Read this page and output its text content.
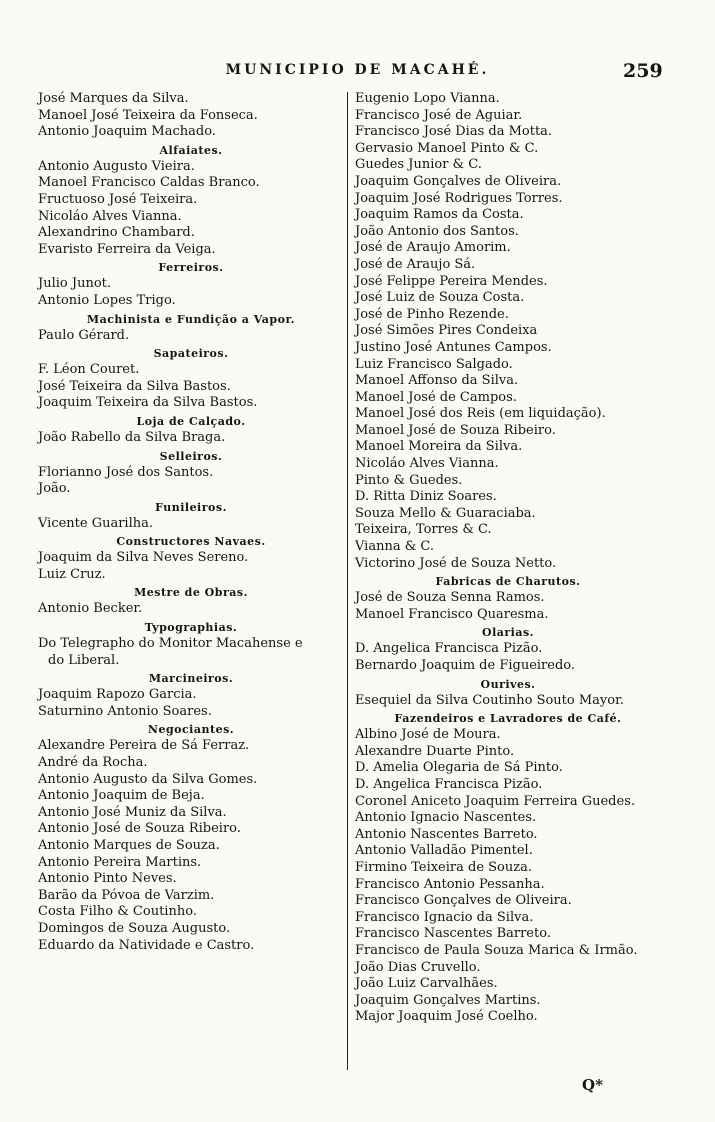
MUNICIPIO DE MACAHÉ.	259
José Marques da Silva.
Manoel José Teixeira da Fonseca.
Antonio Joaquim Machado.
Alfaiates.
Antonio Augusto Vieira.
Manoel Francisco Caldas Branco.
Fructuoso José Teixeira.
Nicoláo Alves Vianna.
Alexandrino Chambard.
Evaristo Ferreira da Veiga.
Ferreiros.
Julio Junot.
Antonio Lopes Trigo.
Machinista e Fundição a Vapor.
Paulo Gérard.
Sapateiros.
F. Léon Couret.
José Teixeira da Silva Bastos.
Joaquim Teixeira da Silva Bastos.
Loja de Calçado.
João Rabello da Silva Braga.
Selleiros.
Florianno José dos Santos.
João.
Funileiros.
Vicente Guarilha.
Constructores Navaes.
Joaquim da Silva Neves Sereno.
Luiz Cruz.
Mestre de Obras.
Antonio Becker.
Typographias.
Do Telegrapho do Monitor Macahense e
do Liberal.
Marcineiros.
Joaquim Rapozo Garcia.
Saturnino Antonio Soares.
Negociantes.
Alexandre Pereira de Sá Ferraz.
André da Rocha.
Antonio Augusto da Silva Gomes.
Antonio Joaquim de Beja.
Antonio José Muniz da Silva.
Antonio José de Souza Ribeiro.
Antonio Marques de Souza.
Antonio Pereira Martins.
Antonio Pinto Neves.
Barão da Póvoa de Varzim.
Costa Filho & Coutinho.
Domingos de Souza Augusto.
Eduardo da Natividade e Castro.
Eugenio Lopo Vianna.
Francisco José de Aguiar.
Francisco José Dias da Motta.
Gervasio Manoel Pinto & C.
Guedes Junior & C.
Joaquim Gonçalves de Oliveira.
Joaquim José Rodrigues Torres.
Joaquim Ramos da Costa.
João Antonio dos Santos.
José de Araujo Amorim.
José de Araujo Sá.
José Felippe Pereira Mendes.
José Luiz de Souza Costa.
José de Pinho Rezende.
José Simões Pires Condeixa
Justino José Antunes Campos.
Luiz Francisco Salgado.
Manoel Affonso da Silva.
Manoel José de Campos.
Manoel José dos Reis (em liquidação).
Manoel José de Souza Ribeiro.
Manoel Moreira da Silva.
Nicoláo Alves Vianna.
Pinto & Guedes.
D. Ritta Diniz Soares.
Souza Mello & Guaraciaba.
Teixeira, Torres & C.
Vianna & C.
Victorino José de Souza Netto.
Fabricas de Charutos.
José de Souza Senna Ramos.
Manoel Francisco Quaresma.
Olarias.
D. Angelica Francisca Pizão.
Bernardo Joaquim de Figueiredo.
Ourives.
Esequiel da Silva Coutinho Souto Mayor.
Fazendeiros e Lavradores de Café.
Albino José de Moura.
Alexandre Duarte Pinto.
D. Amelia Olegaria de Sá Pinto.
D. Angelica Francisca Pizão.
Coronel Aniceto Joaquim Ferreira Guedes.
Antonio Ignacio Nascentes.
Antonio Nascentes Barreto.
Antonio Valladão Pimentel.
Firmino Teixeira de Souza.
Francisco Antonio Pessanha.
Francisco Gonçalves de Oliveira.
Francisco Ignacio da Silva.
Francisco Nascentes Barreto.
Francisco de Paula Souza Marica & Irmão.
João Dias Cruvello.
João Luiz Carvalhães.
Joaquim Gonçalves Martins.
Major Joaquim José Coelho.
Q*
